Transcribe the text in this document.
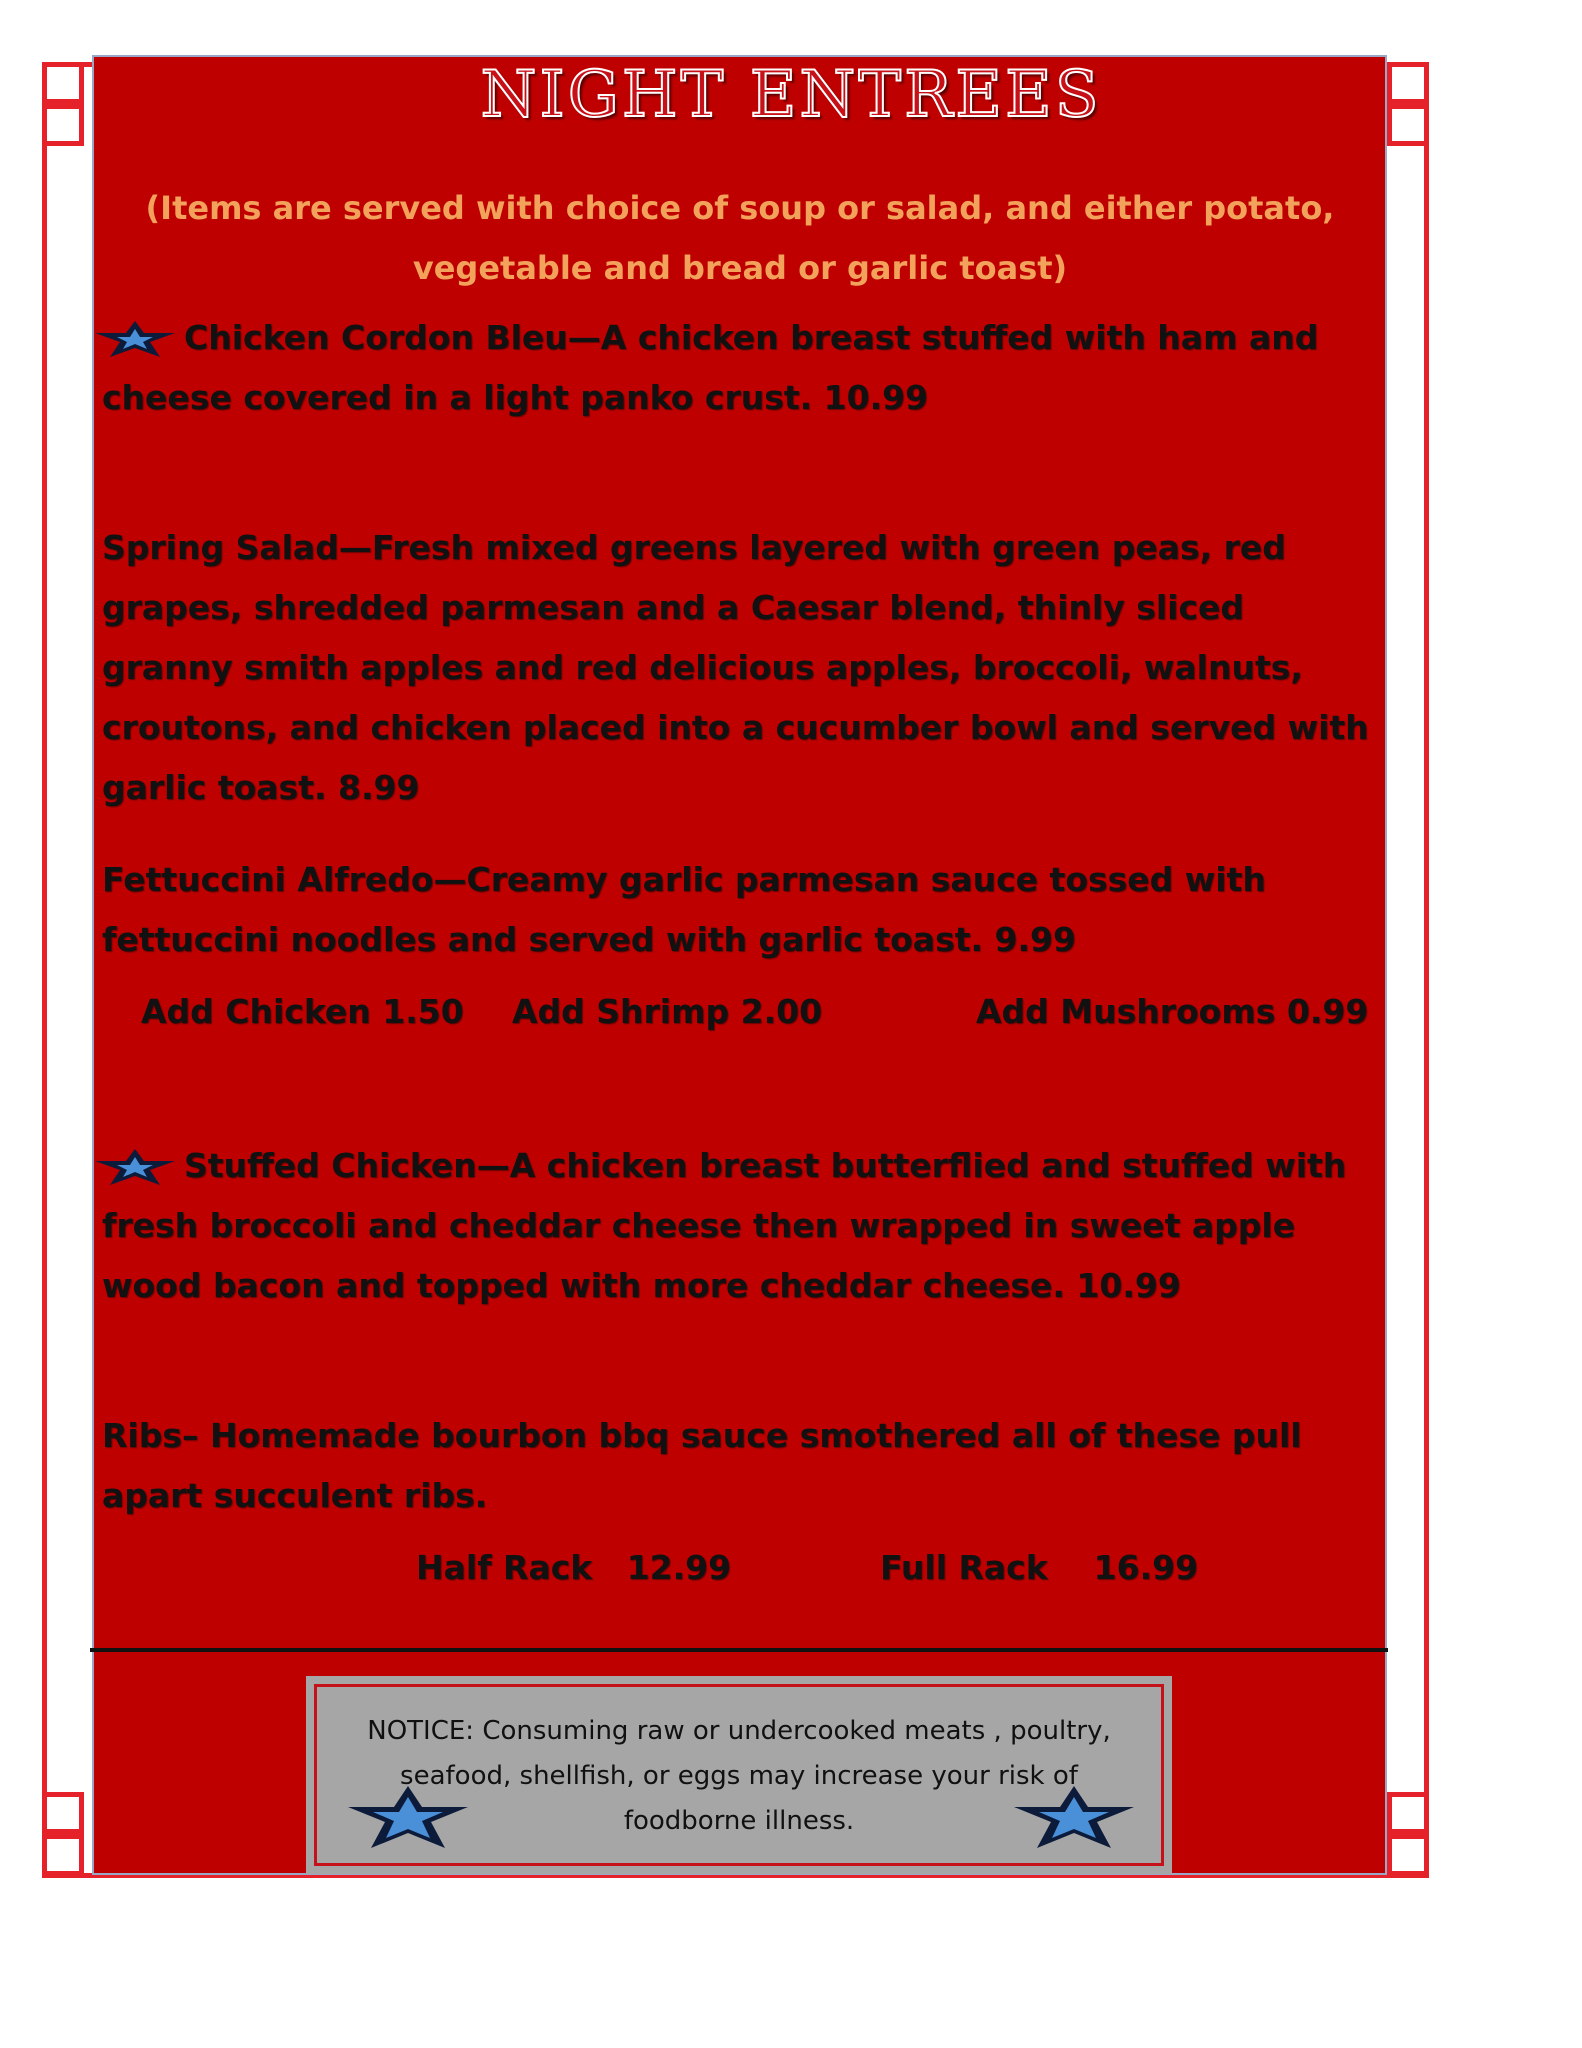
NIGHT ENTREES

(Items are served with choice of soup or salad, and either potato, vegetable and bread or garlic toast)

Chicken Cordon Bleu—A chicken breast stuffed with ham and cheese covered in a light panko crust. 10.99

Spring Salad—Fresh mixed greens layered with green peas, red grapes, shredded parmesan and a Caesar blend, thinly sliced granny smith apples and red delicious apples, broccoli, walnuts, croutons, and chicken placed into a cucumber bowl and served with garlic toast. 8.99

Fettuccini Alfredo—Creamy garlic parmesan sauce tossed with fettuccini noodles and served with garlic toast. 9.99

Add Chicken 1.50 Add Shrimp 2.00	Add Mushrooms 0.99

Stuffed Chicken—A chicken breast butterflied and stuffed with fresh broccoli and cheddar cheese then wrapped in sweet apple wood bacon and topped with more cheddar cheese. 10.99

Ribs– Homemade bourbon bbq sauce smothered all of these pull apart succulent ribs.

Half Rack   12.99	Full Rack    16.99

NOTICE: Consuming raw or undercooked meats , poultry, seafood, shellfish, or eggs may increase your risk of foodborne illness.
